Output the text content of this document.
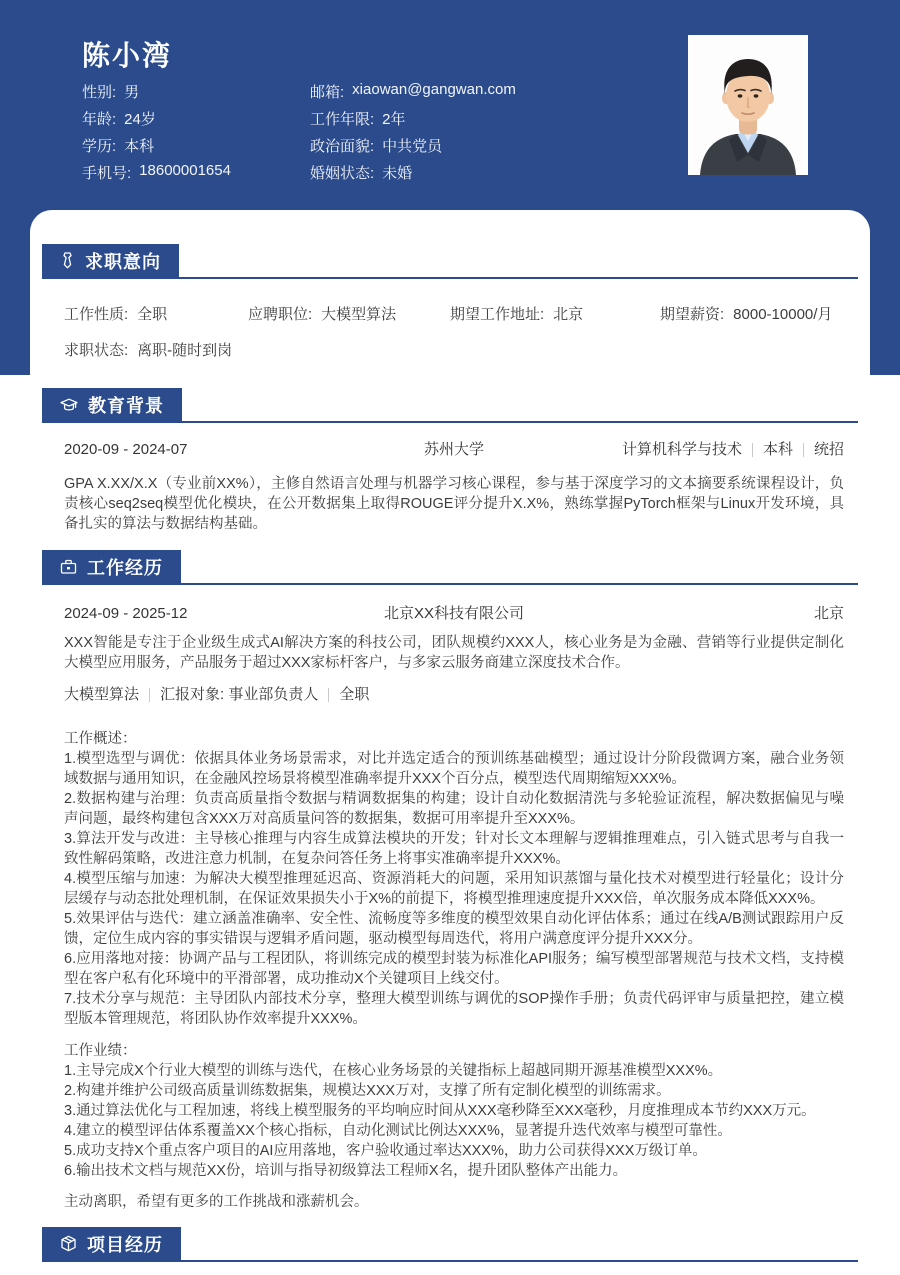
陈小湾
性别: 男	邮箱: xiaowan@gangwan.com
年龄: 24岁	工作年限: 2年
学历: 本科	政治面貌: 中共党员
手机号: 18600001654	婚姻状态: 未婚
求职意向
工作性质: 全职	应聘职位: 大模型算法	期望工作地址: 北京	期望薪资: 8000-10000/月
求职状态: 离职-随时到岗
教育背景
2020-09 - 2024-07	苏州大学	计算机科学与技术 本科 统招
GPA X.XX/X.X（专业前XX%），主修自然语言处理与机器学习核心课程，参与基于深度学习的文本摘要系统课程设计，负责核心seq2seq模型优化模块，在公开数据集上取得ROUGE评分提升X.X%，熟练掌握PyTorch框架与Linux开发环境，具备扎实的算法与数据结构基础。
工作经历
2024-09 - 2025-12	北京XX科技有限公司	北京
XXX智能是专注于企业级生成式AI解决方案的科技公司，团队规模约XXX人，核心业务是为金融、营销等行业提供定制化大模型应用服务，产品服务于超过XXX家标杆客户，与多家云服务商建立深度技术合作。
大模型算法 汇报对象: 事业部负责人 全职
工作概述：
1.模型选型与调优：依据具体业务场景需求，对比并选定适合的预训练基础模型；通过设计分阶段微调方案，融合业务领域数据与通用知识，在金融风控场景将模型准确率提升XXX个百分点，模型迭代周期缩短XXX%。
2.数据构建与治理：负责高质量指令数据与精调数据集的构建；设计自动化数据清洗与多轮验证流程，解决数据偏见与噪声问题，最终构建包含XXX万对高质量问答的数据集，数据可用率提升至XXX%。
3.算法开发与改进：主导核心推理与内容生成算法模块的开发；针对长文本理解与逻辑推理难点，引入链式思考与自我一致性解码策略，改进注意力机制，在复杂问答任务上将事实准确率提升XXX%。
4.模型压缩与加速：为解决大模型推理延迟高、资源消耗大的问题，采用知识蒸馏与量化技术对模型进行轻量化；设计分层缓存与动态批处理机制，在保证效果损失小于X%的前提下，将模型推理速度提升XXX倍，单次服务成本降低XXX%。
5.效果评估与迭代：建立涵盖准确率、安全性、流畅度等多维度的模型效果自动化评估体系；通过在线A/B测试跟踪用户反馈，定位生成内容的事实错误与逻辑矛盾问题，驱动模型每周迭代，将用户满意度评分提升XXX分。
6.应用落地对接：协调产品与工程团队，将训练完成的模型封装为标准化API服务；编写模型部署规范与技术文档，支持模型在客户私有化环境中的平滑部署，成功推动X个关键项目上线交付。
7.技术分享与规范：主导团队内部技术分享，整理大模型训练与调优的SOP操作手册；负责代码评审与质量把控，建立模型版本管理规范，将团队协作效率提升XXX%。
工作业绩：
1.主导完成X个行业大模型的训练与迭代，在核心业务场景的关键指标上超越同期开源基准模型XXX%。
2.构建并维护公司级高质量训练数据集，规模达XXX万对，支撑了所有定制化模型的训练需求。
3.通过算法优化与工程加速，将线上模型服务的平均响应时间从XXX毫秒降至XXX毫秒，月度推理成本节约XXX万元。
4.建立的模型评估体系覆盖XX个核心指标，自动化测试比例达XXX%，显著提升迭代效率与模型可靠性。
5.成功支持X个重点客户项目的AI应用落地，客户验收通过率达XXX%，助力公司获得XXX万级订单。
6.输出技术文档与规范XX份，培训与指导初级算法工程师X名，提升团队整体产出能力。
主动离职，希望有更多的工作挑战和涨薪机会。
项目经历
